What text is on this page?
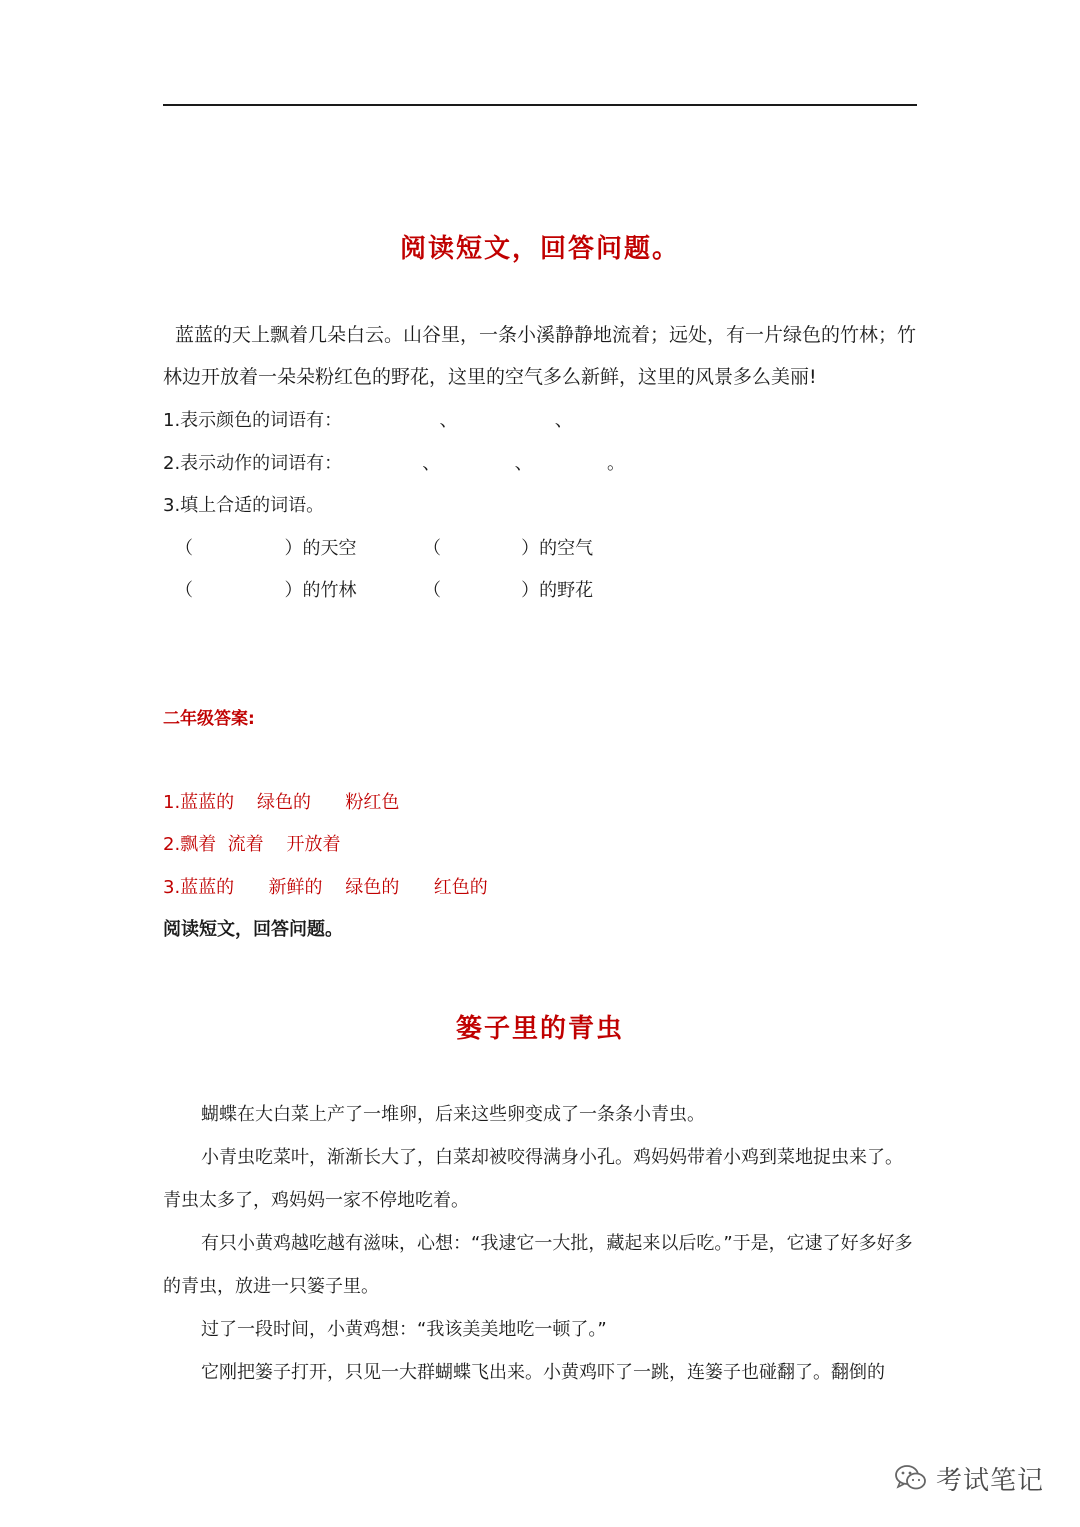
阅读短文，回答问题。
蓝蓝的天上飘着几朵白云。山谷里，一条小溪静静地流着；远处，有一片绿色的竹林；竹林边开放着一朵朵粉红色的野花，这里的空气多么新鲜，这里的风景多么美丽!
1.表示颜色的词语有：                 、                 、
2.表示动作的词语有：              、             、             。
3.填上合适的词语。

（                ）的天空

	（              ）的空气

（                ）的竹林

	（              ）的野花

二年级答案:
1.蓝蓝的    绿色的      粉红色
2.飘着  流着    开放着
3.蓝蓝的      新鲜的    绿色的      红色的
阅读短文，回答问题。
篓子里的青虫

蝴蝶在大白菜上产了一堆卵，后来这些卵变成了一条条小青虫。

小青虫吃菜叶，渐渐长大了，白菜却被咬得满身小孔。鸡妈妈带着小鸡到菜地捉虫来了。青虫太多了，鸡妈妈一家不停地吃着。

有只小黄鸡越吃越有滋味，心想：“我逮它一大批，藏起来以后吃。”于是，它逮了好多好多的青虫，放进一只篓子里。

过了一段时间，小黄鸡想：“我该美美地吃一顿了。”

它刚把篓子打开，只见一大群蝴蝶飞出来。小黄鸡吓了一跳，连篓子也碰翻了。翻倒的

考试笔记
